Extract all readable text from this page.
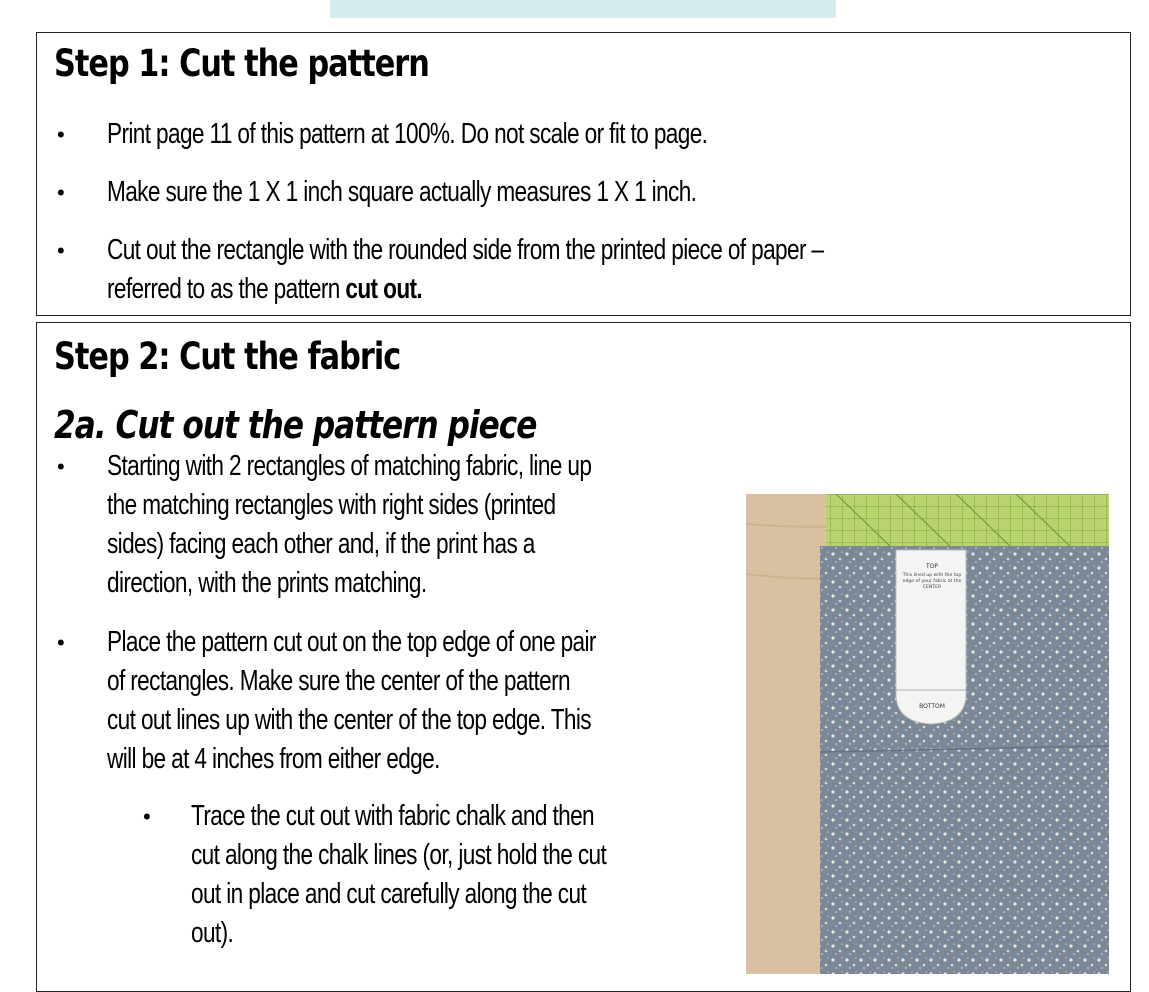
Step 1: Cut the pattern
• Print page 11 of this pattern at 100%. Do not scale or fit to page.
• Make sure the 1 X 1 inch square actually measures 1 X 1 inch.
• Cut out the rectangle with the rounded side from the printed piece of paper –
referred to as the pattern cut out.
Step 2: Cut the fabric
2a. Cut out the pattern piece
• Starting with 2 rectangles of matching fabric, line up
the matching rectangles with right sides (printed
sides) facing each other and, if the print has a
direction, with the prints matching.
• Place the pattern cut out on the top edge of one pair
of rectangles. Make sure the center of the pattern
cut out lines up with the center of the top edge. This
will be at 4 inches from either edge.
• Trace the cut out with fabric chalk and then
cut along the chalk lines (or, just hold the cut
out in place and cut carefully along the cut
out).
TOP
This lined up with the top
edge of your fabric at the
CENTER
BOTTOM
